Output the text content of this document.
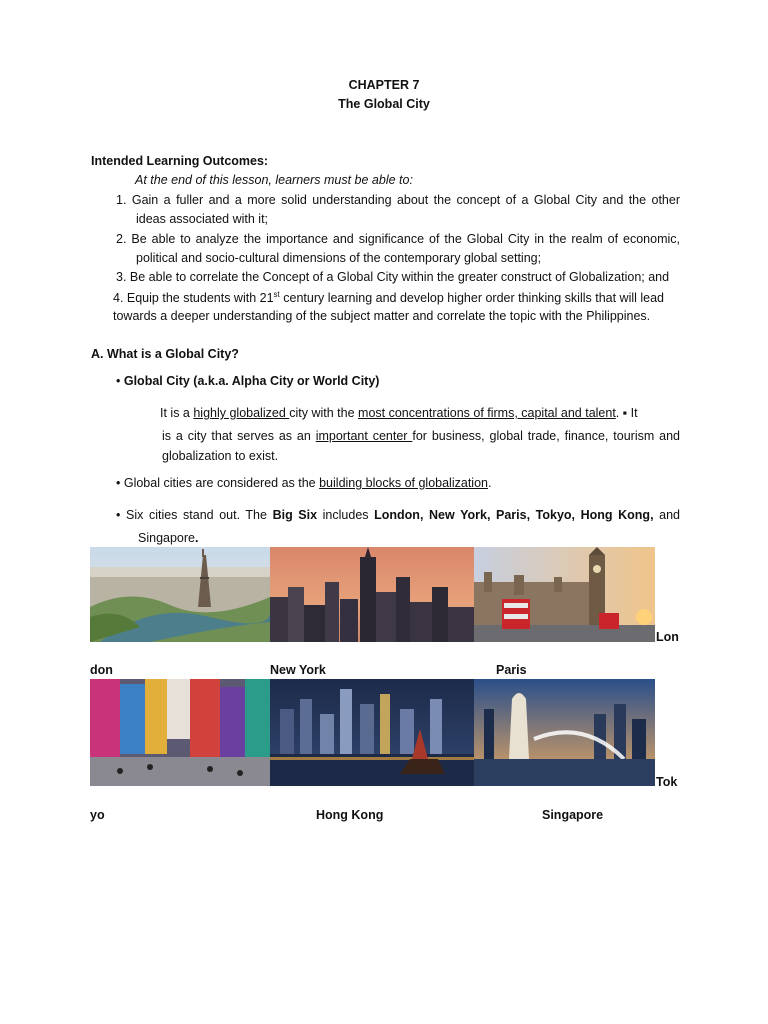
CHAPTER 7
The Global City
Intended Learning Outcomes:
At the end of this lesson, learners must be able to:
1. Gain a fuller and a more solid understanding about the concept of a Global City and the other
ideas associated with it;
2. Be able to analyze the importance and significance of the Global City in the realm of economic,
political and socio-cultural dimensions of the contemporary global setting;
3. Be able to correlate the Concept of a Global City within the greater construct of Globalization; and
4. Equip the students with 21st century learning and develop higher order thinking skills that will lead
towards a deeper understanding of the subject matter and correlate the topic with the Philippines.
A. What is a Global City?
• Global City (a.k.a. Alpha City or World City)
It is a highly globalized city with the most concentrations of firms, capital and talent. ▪ It
is a city that serves as an important center for business, global trade, finance, tourism and
globalization to exist.
• Global cities are considered as the building blocks of globalization.
• Six cities stand out. The Big Six includes London, New York, Paris, Tokyo, Hong Kong, and
Singapore.
Lon
don	New York	Paris
Tok
yo	Hong Kong	Singapore
